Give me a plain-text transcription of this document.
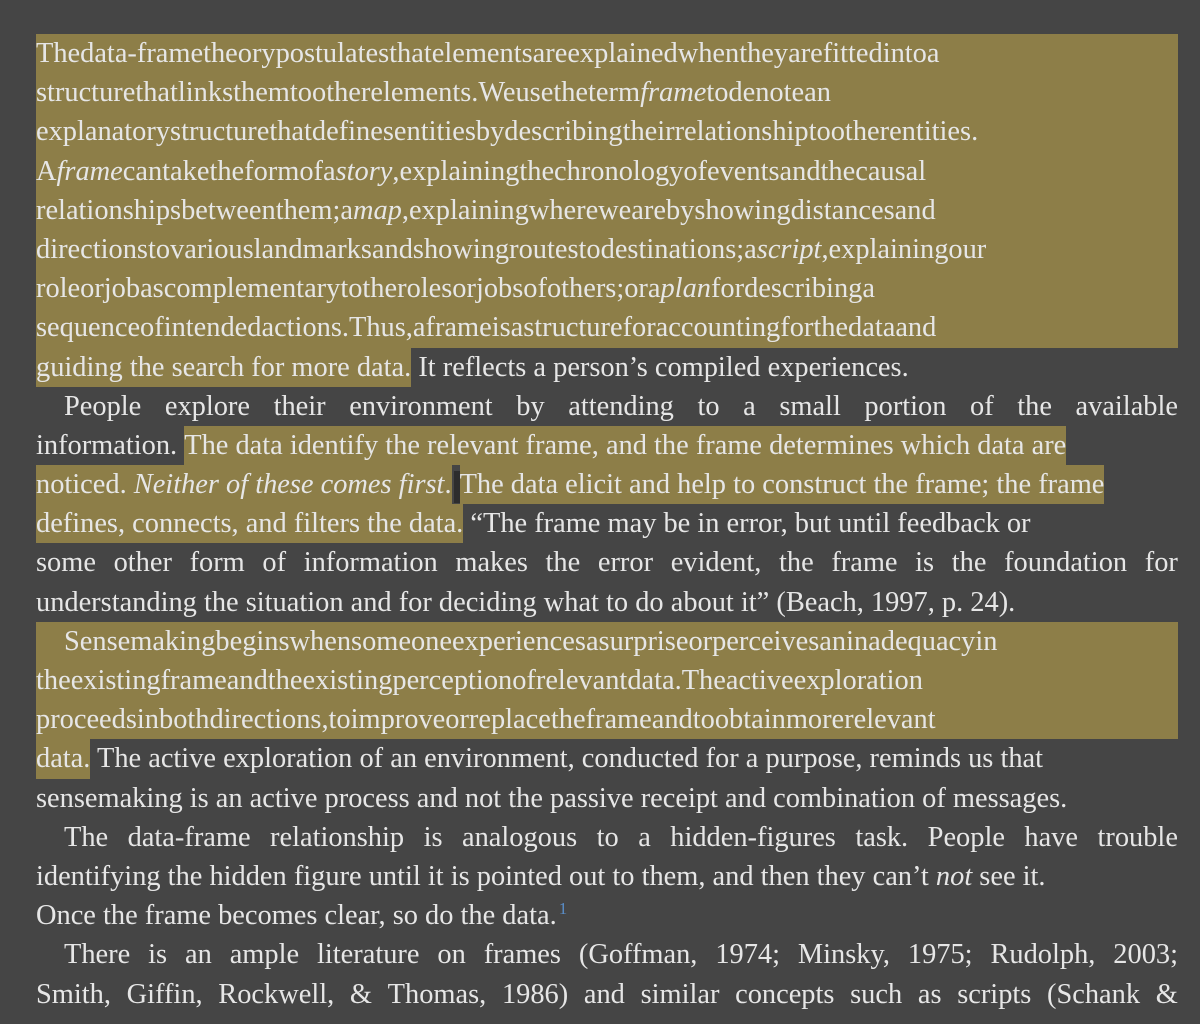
Thedata-frametheorypostulatesthatelementsareexplainedwhentheyarefittedintoa
structurethatlinksthemtootherelements.Weusethetermframetodenotean
explanatorystructurethatdefinesentitiesbydescribingtheirrelationshiptootherentities.
Aframecantaketheformofastory,explainingthechronologyofeventsandthecausal
relationshipsbetweenthem;amap,explainingwherewearebyshowingdistancesand
directionstovariouslandmarksandshowingroutestodestinations;ascript,explainingour
roleorjobascomplementarytotherolesorjobsofothers;oraplanfordescribinga
sequenceofintendedactions.Thus,aframeisastructureforaccountingforthedataand
guiding the search for more data. It reflects a person’s compiled experiences.
People explore their environment by attending to a small portion of the available
information. The data identify the relevant frame, and the frame determines which data are
noticed. Neither of these comes first.The data elicit and help to construct the frame; the frame
defines, connects, and filters the data. “The frame may be in error, but until feedback or
some other form of information makes the error evident, the frame is the foundation for
understanding the situation and for deciding what to do about it” (Beach, 1997, p. 24).
Sensemakingbeginswhensomeoneexperiencesasurpriseorperceivesaninadequacyin
theexistingframeandtheexistingperceptionofrelevantdata.Theactiveexploration
proceedsinbothdirections,toimproveorreplacetheframeandtoobtainmorerelevant
data. The active exploration of an environment, conducted for a purpose, reminds us that
sensemaking is an active process and not the passive receipt and combination of messages.
The data-frame relationship is analogous to a hidden-figures task. People have trouble
identifying the hidden figure until it is pointed out to them, and then they can’t not see it.
Once the frame becomes clear, so do the data. $^1$
There is an ample literature on frames (Goffman, 1974; Minsky, 1975; Rudolph, 2003;
Smith, Giffin, Rockwell, & Thomas, 1986) and similar concepts such as scripts (Schank &
